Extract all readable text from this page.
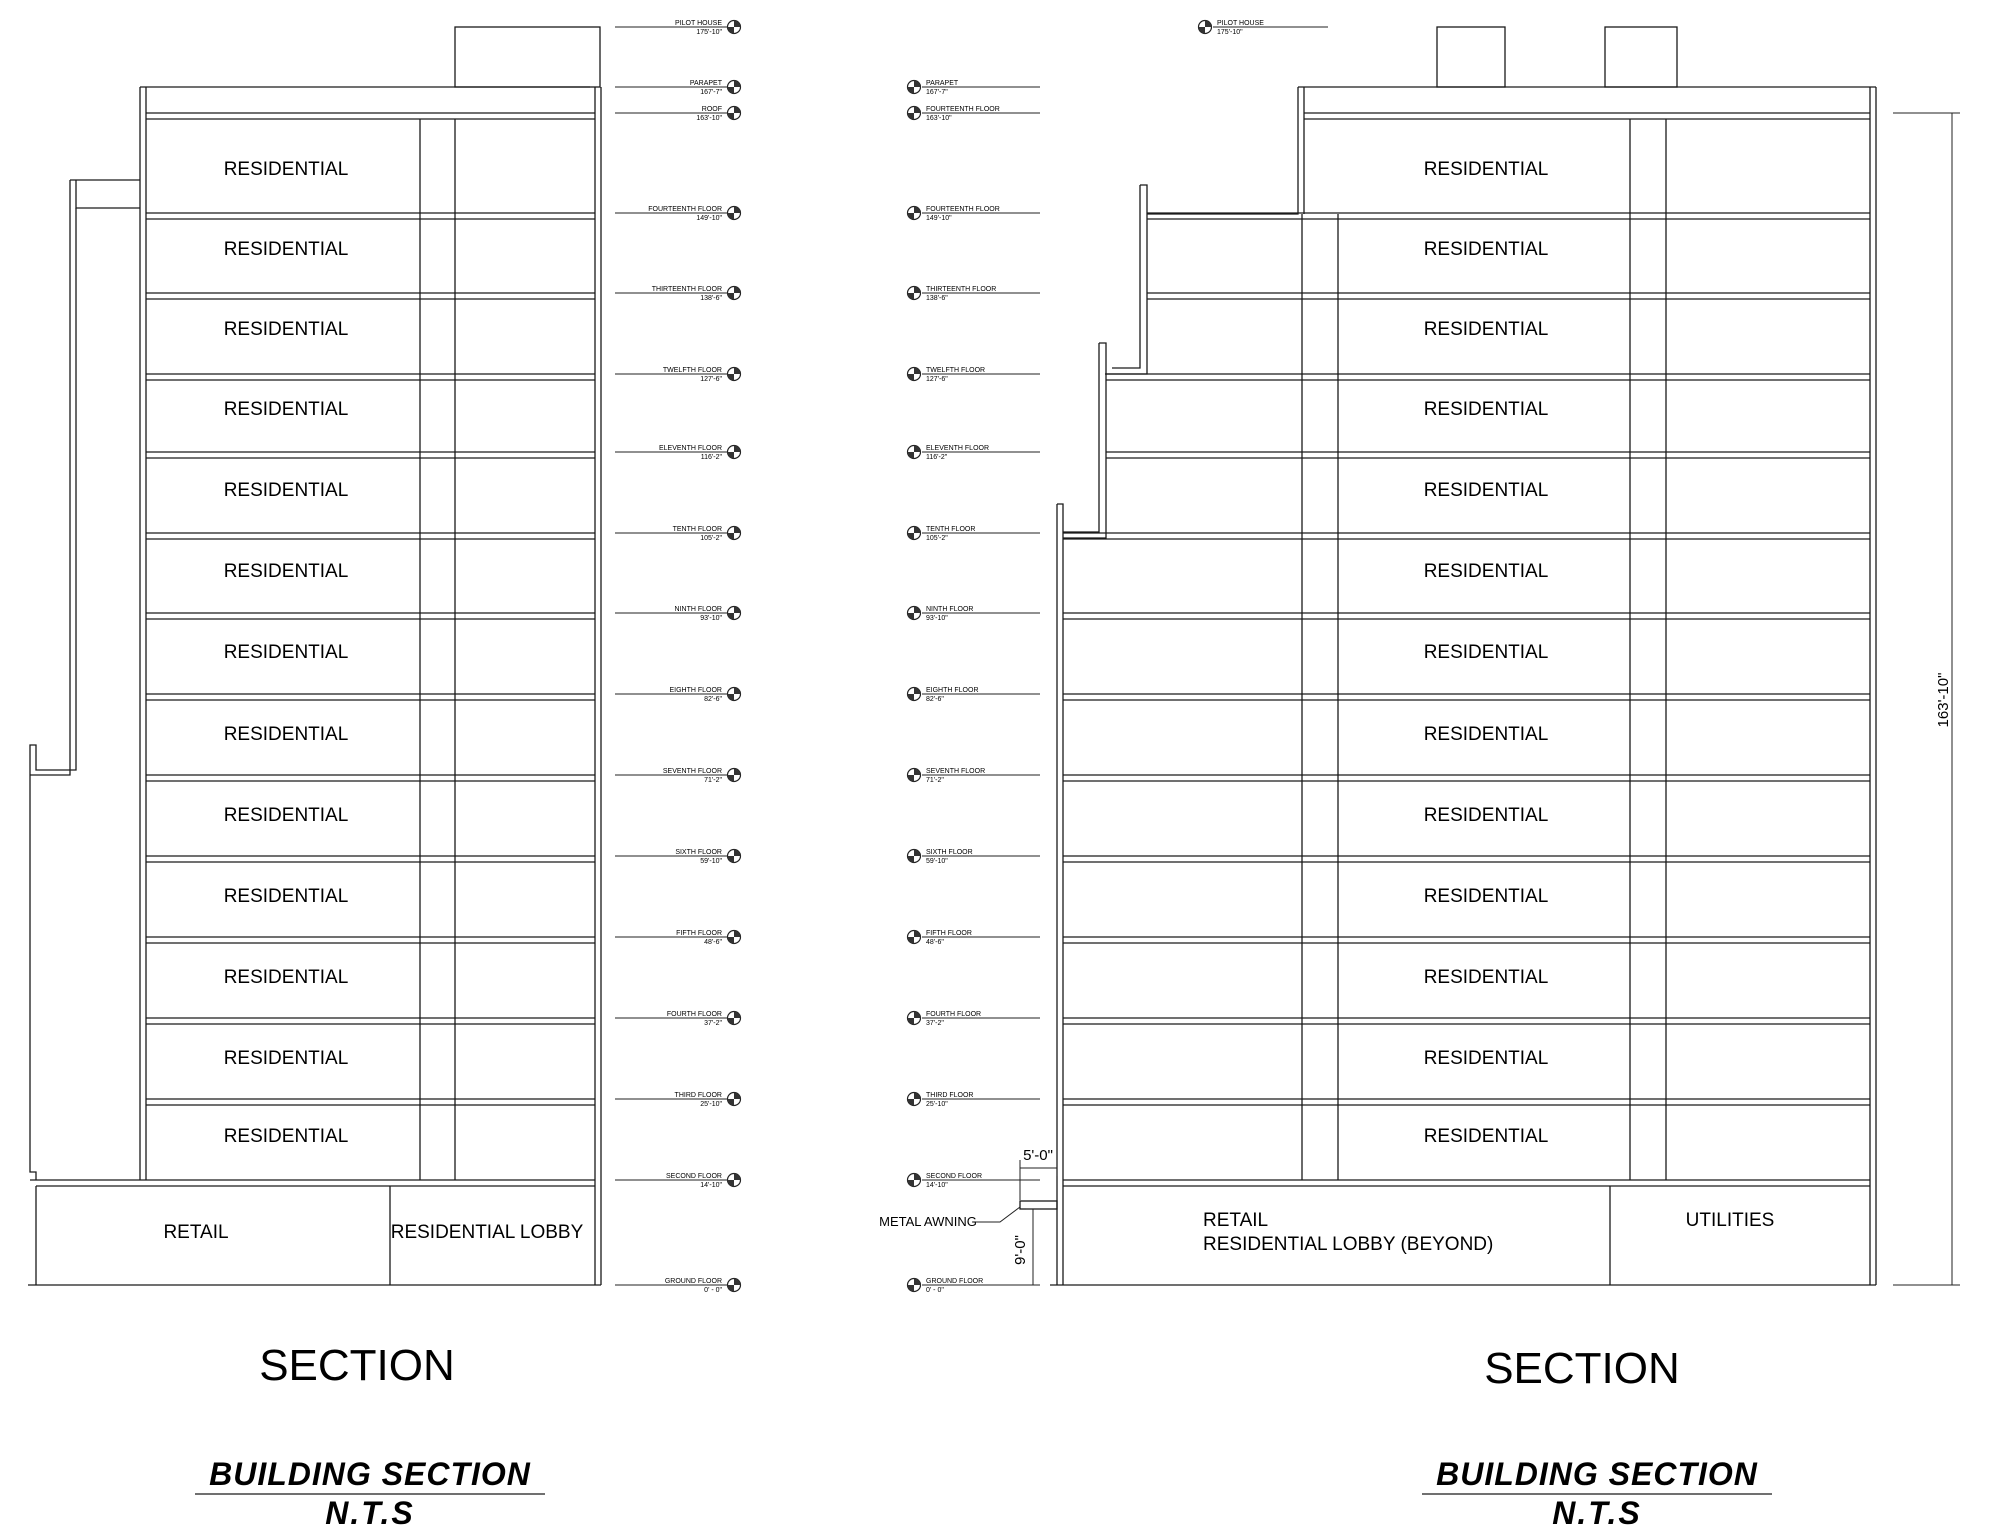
RESIDENTIAL
RESIDENTIAL
RESIDENTIAL
RESIDENTIAL
RESIDENTIAL
RESIDENTIAL
RESIDENTIAL
RESIDENTIAL
RESIDENTIAL
RESIDENTIAL
RESIDENTIAL
RESIDENTIAL
RESIDENTIAL
RETAIL	RESIDENTIAL LOBBY
PILOT HOUSE
175'-10"
PARAPET
167'-7"
ROOF
163'-10"
FOURTEENTH FLOOR
149'-10"
THIRTEENTH FLOOR
138'-6"
TWELFTH FLOOR
127'-6"
ELEVENTH FLOOR
116'-2"
TENTH FLOOR
105'-2"
NINTH FLOOR
93'-10"
EIGHTH FLOOR
82'-6"
SEVENTH FLOOR
71'-2"
SIXTH FLOOR
59'-10"
FIFTH FLOOR
48'-6"
FOURTH FLOOR
37'-2"
THIRD FLOOR
25'-10"
SECOND FLOOR
14'-10"
GROUND FLOOR
0' - 0"
RESIDENTIAL
RESIDENTIAL
RESIDENTIAL
RESIDENTIAL
RESIDENTIAL
RESIDENTIAL
RESIDENTIAL
RESIDENTIAL
RESIDENTIAL
RESIDENTIAL
RESIDENTIAL
RESIDENTIAL
RESIDENTIAL
RETAIL
RESIDENTIAL LOBBY (BEYOND)
UTILITIES
METAL AWNING
5'-0"
9'-0"
163'-10"
PILOT HOUSE
175'-10"
PARAPET
167'-7"
FOURTEENTH FLOOR
163'-10"
FOURTEENTH FLOOR
149'-10"
THIRTEENTH FLOOR
138'-6"
TWELFTH FLOOR
127'-6"
ELEVENTH FLOOR
116'-2"
TENTH FLOOR
105'-2"
NINTH FLOOR
93'-10"
EIGHTH FLOOR
82'-6"
SEVENTH FLOOR
71'-2"
SIXTH FLOOR
59'-10"
FIFTH FLOOR
48'-6"
FOURTH FLOOR
37'-2"
THIRD FLOOR
25'-10"
SECOND FLOOR
14'-10"
GROUND FLOOR
0' - 0"
SECTION
BUILDING SECTION
N.T.S
SECTION
BUILDING SECTION
N.T.S
